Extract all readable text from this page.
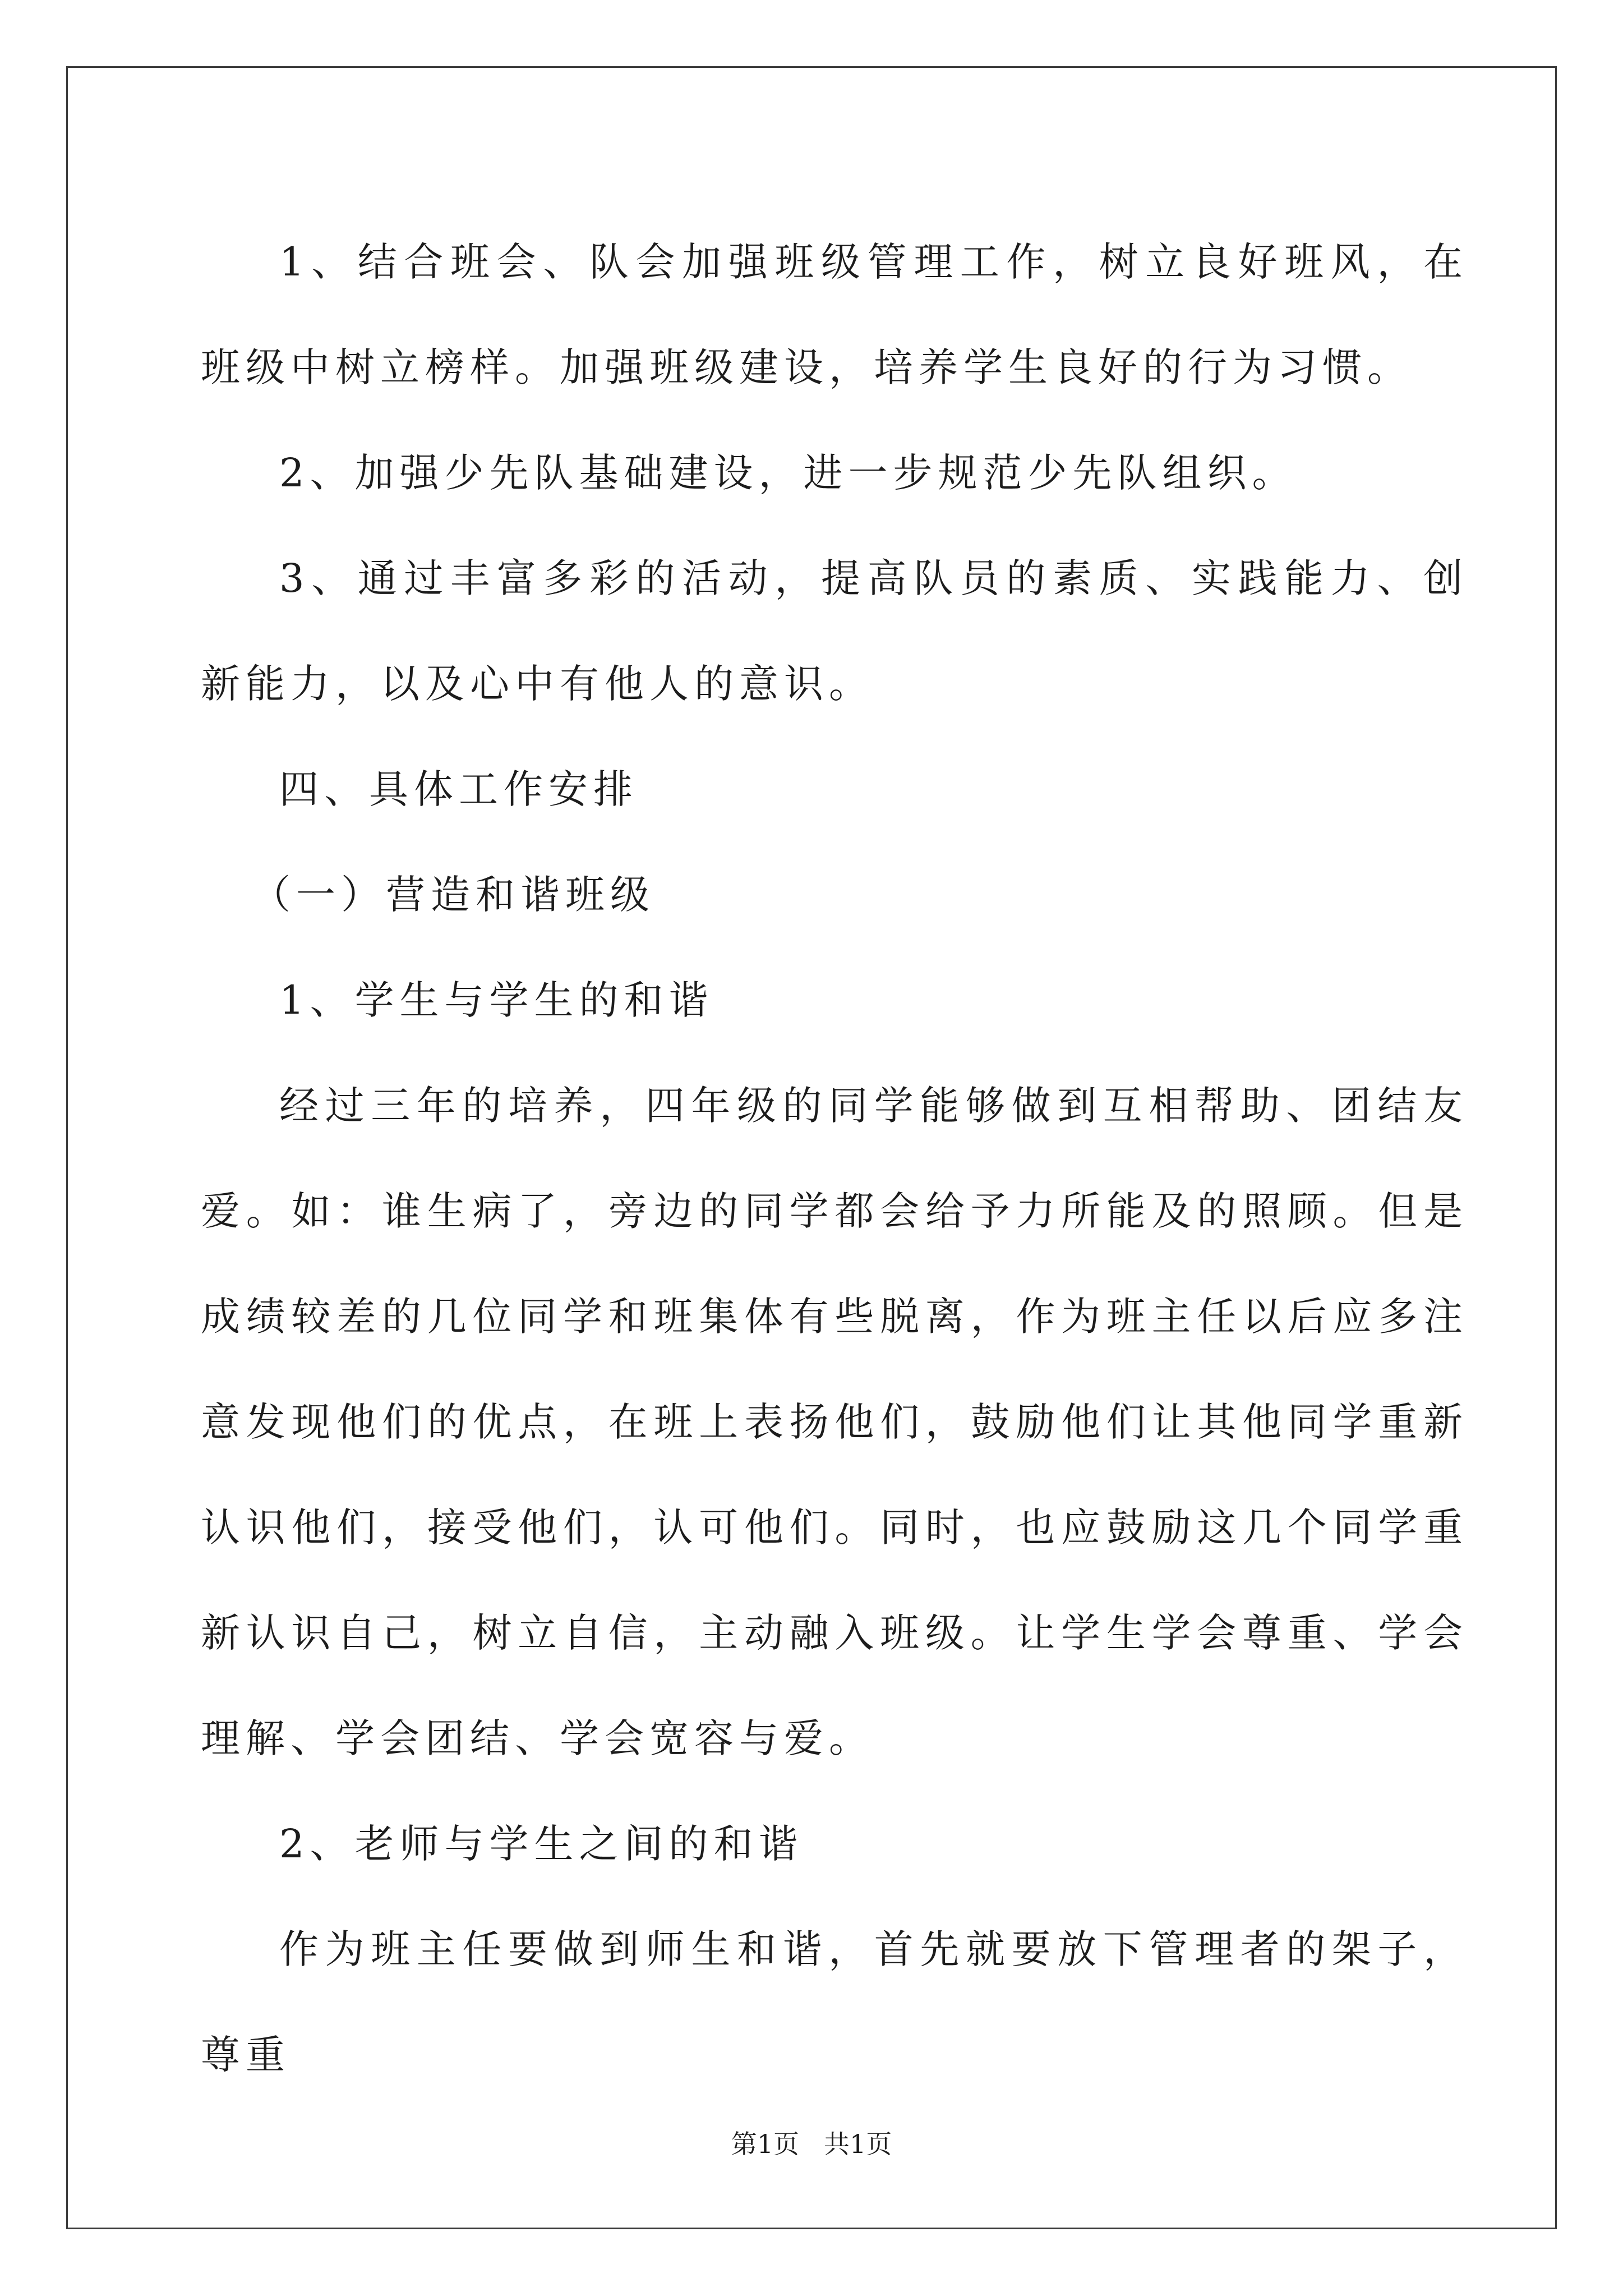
1、结合班会、队会加强班级管理工作，树立良好班风，在班级中树立榜样。加强班级建设，培养学生良好的行为习惯。

2、加强少先队基础建设，进一步规范少先队组织。

3、通过丰富多彩的活动，提高队员的素质、实践能力、创新能力，以及心中有他人的意识。

四、具体工作安排

（一）营造和谐班级

1、学生与学生的和谐

经过三年的培养，四年级的同学能够做到互相帮助、团结友爱。如：谁生病了，旁边的同学都会给予力所能及的照顾。但是成绩较差的几位同学和班集体有些脱离，作为班主任以后应多注意发现他们的优点，在班上表扬他们，鼓励他们让其他同学重新认识他们，接受他们，认可他们。同时，也应鼓励这几个同学重新认识自己，树立自信，主动融入班级。让学生学会尊重、学会理解、学会团结、学会宽容与爱。

2、老师与学生之间的和谐

作为班主任要做到师生和谐，首先就要放下管理者的架子，尊重

第1页 共1页
